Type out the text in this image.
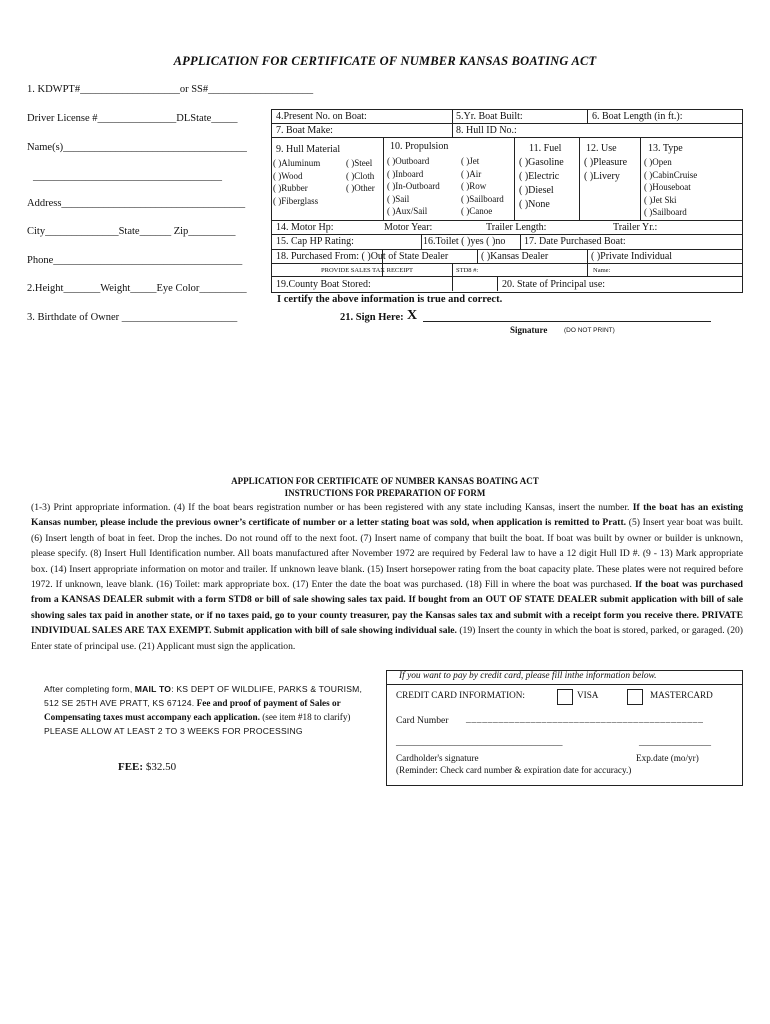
APPLICATION FOR CERTIFICATE OF NUMBER KANSAS BOATING ACT
1. KDWPT#___________________or SS#____________________
Driver License #_______________DLState_____
Name(s)___________________________________
____________________________________
Address___________________________________
City______________State______ Zip_________
Phone____________________________________
2.Height_______Weight_____Eye Color_________
3. Birthdate of Owner ______________________
4.Present No. on Boat:	5.Yr. Boat Built:	6. Boat Length (in ft.):
7. Boat Make:	8. Hull ID No.:
9. Hull Material
( )Aluminum
( )Wood
( )Rubber
( )Fiberglass
( )Steel
( )Cloth
( )Other
10. Propulsion
( )Outboard
( )Inboard
( )In-Outboard
( )Sail
( )Aux/Sail
( )Jet
( )Air
( )Row
( )Sailboard
( )Canoe
11. Fuel
( )Gasoline
( )Electric
( )Diesel
( )None
12. Use
( )Pleasure
( )Livery
13. Type
( )Open
( )CabinCruise
( )Houseboat
( )Jet Ski
( )Sailboard
14. Motor Hp:	Motor Year:	Trailer Length:	Trailer Yr.:
15. Cap HP Rating:	16.Toilet ( )yes ( )no 17. Date Purchased Boat:
18. Purchased From: ( )Out of State Dealer	( )Kansas Dealer	( )Private Individual
PROVIDE SALES TAX RECEIPT	STD8 #:	Name:
19.County Boat Stored:	20. State of Principal use:
I certify the above information is true and correct.
21. Sign Here: X
Signature	(DO NOT PRINT)
APPLICATION FOR CERTIFICATE OF NUMBER KANSAS BOATING ACT
INSTRUCTIONS FOR PREPARATION OF FORM
(1-3) Print appropriate information. (4) If the boat bears registration number or has been registered with any state including Kansas, insert the number. If the boat has an existing Kansas number, please include the previous owner’s certificate of number or a letter stating boat was sold, when application is remitted to Pratt. (5) Insert year boat was built. (6) Insert length of boat in feet. Drop the inches. Do not round off to the next foot. (7) Insert name of company that built the boat. If boat was built by owner or builder is unknown, please specify. (8) Insert Hull Identification number. All boats manufactured after November 1972 are required by Federal law to have a 12 digit Hull ID #. (9 - 13) Mark appropriate box. (14) Insert appropriate information on motor and trailer. If unknown leave blank. (15) Insert horsepower rating from the boat capacity plate. These plates were not required before 1972. If unknown, leave blank. (16) Toilet: mark appropriate box. (17) Enter the date the boat was purchased. (18) Fill in where the boat was purchased. If the boat was purchased from a KANSAS DEALER submit with a form STD8 or bill of sale showing sales tax paid. If bought from an OUT OF STATE DEALER submit application with bill of sale showing sales tax paid in another state, or if no taxes paid, go to your county treasurer, pay the Kansas sales tax and submit with a receipt form you receive there. PRIVATE INDIVIDUAL SALES ARE TAX EXEMPT. Submit application with bill of sale showing individual sale. (19) Insert the county in which the boat is stored, parked, or garaged. (20) Enter state of principal use. (21) Applicant must sign the application.
After completing form, MAIL TO: KS DEPT OF WILDLIFE, PARKS & TOURISM, 512 SE 25TH AVE PRATT, KS 67124. Fee and proof of payment of Sales or Compensating taxes must accompany each application. (see item #18 to clarify)
PLEASE ALLOW AT LEAST 2 TO 3 WEEKS FOR PROCESSING
FEE: $32.50
If you want to pay by credit card, please fill inthe information below.
CREDIT CARD INFORMATION:	VISA	MASTERCARD
Card Number ____________________________________________
_____________________________________	________________
Cardholder's signature	Exp.date (mo/yr)
(Reminder: Check card number & expiration date for accuracy.)
